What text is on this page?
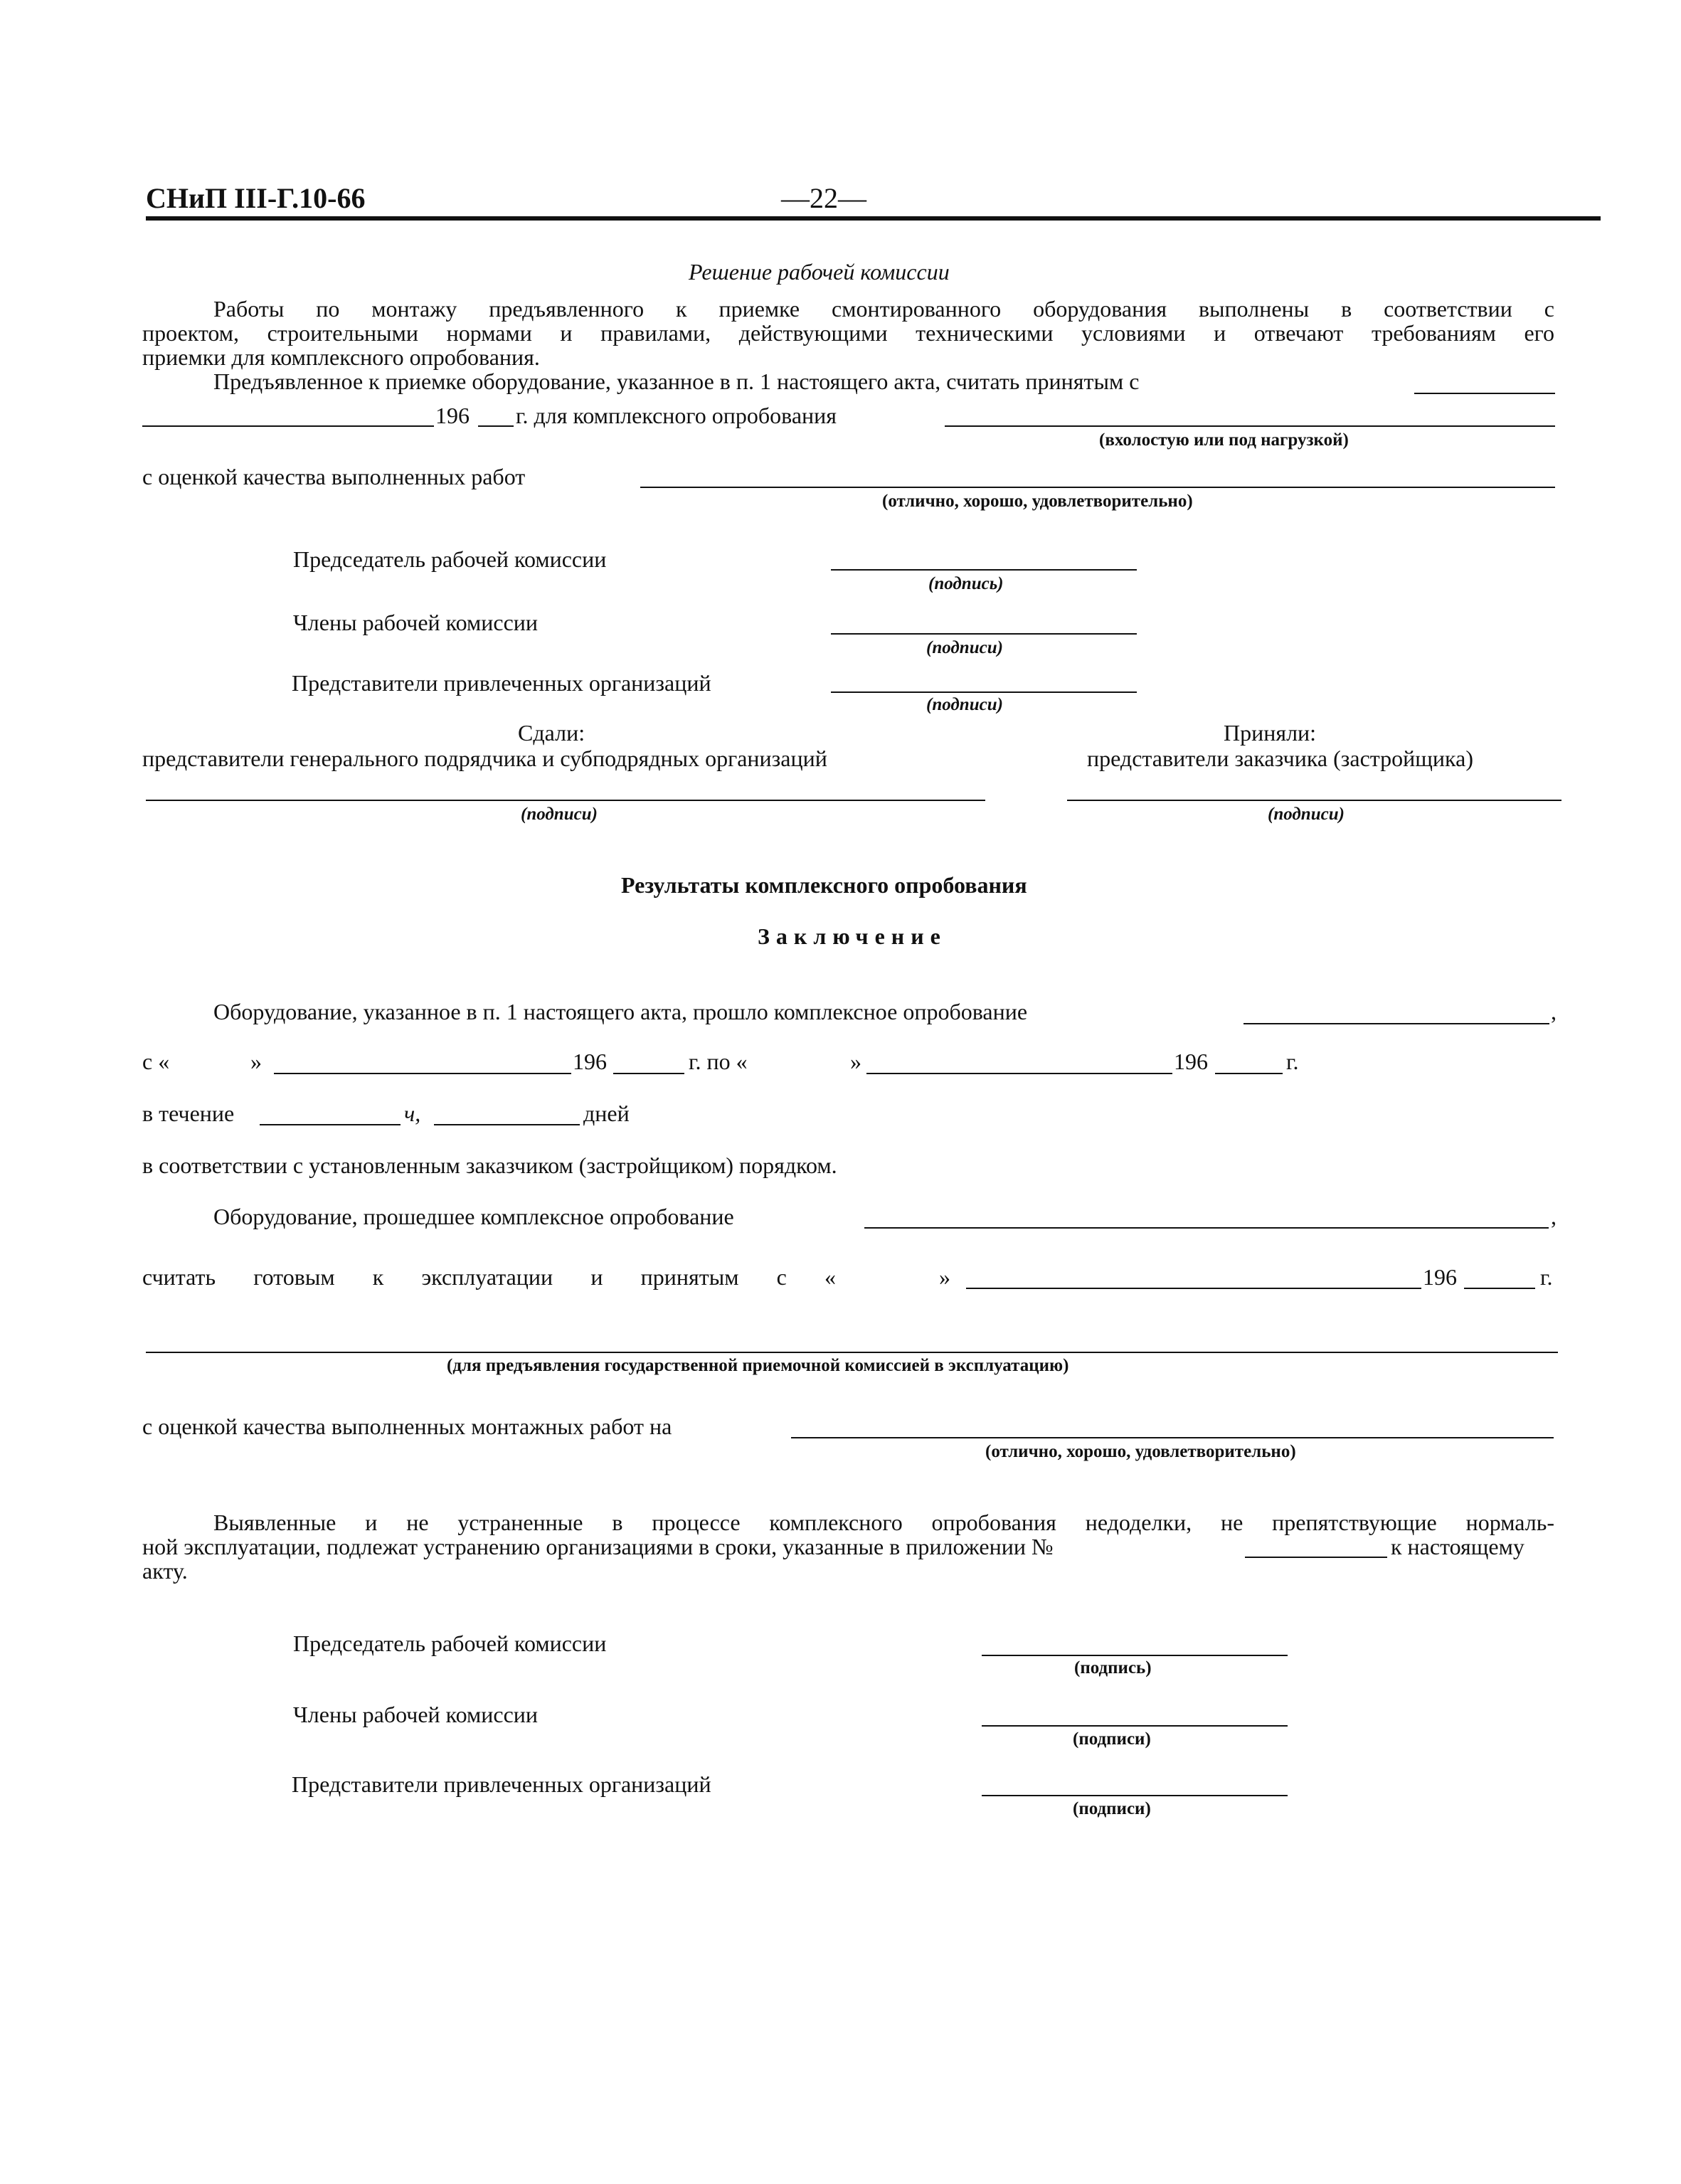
СНиП III-Г.10-66	—22—
Решение рабочей комиссии
Работы по монтажу предъявленного к приемке смонтированного оборудования выполнены в соответствии с
проектом, строительными нормами и правилами, действующими техническими условиями и отвечают требованиям его
приемки для комплексного опробования.
Предъявленное к приемке оборудование, указанное в п. 1 настоящего акта, считать принятым с
196 г. для комплексного опробования
(вхолостую или под нагрузкой)
с оценкой качества выполненных работ
(отлично, хорошо, удовлетворительно)
Председатель рабочей комиссии
(подпись)
Члены рабочей комиссии
(подписи)
Представители привлеченных организаций
(подписи)
Сдали:
представители генерального подрядчика и субподрядных организаций
(подписи)
Приняли:
представители заказчика (застройщика)
(подписи)
Результаты комплексного опробования
Заключение
Оборудование, указанное в п. 1 настоящего акта, прошло комплексное опробование	,
с «	»	196	г. по «	»	196	г.
в течение	ч,	дней
в соответствии с установленным заказчиком (застройщиком) порядком.
Оборудование, прошедшее комплексное опробование	,
считать готовым к эксплуатации и принятым с «	»	196	г.
(для предъявления государственной приемочной комиссией в эксплуатацию)
с оценкой качества выполненных монтажных работ на
(отлично, хорошо, удовлетворительно)
Выявленные и не устраненные в процессе комплексного опробования недоделки, не препятствующие нормаль-
ной эксплуатации, подлежат устранению организациями в сроки, указанные в приложении №	к настоящему
акту.
Председатель рабочей комиссии
(подпись)
Члены рабочей комиссии
(подписи)
Представители привлеченных организаций
(подписи)
